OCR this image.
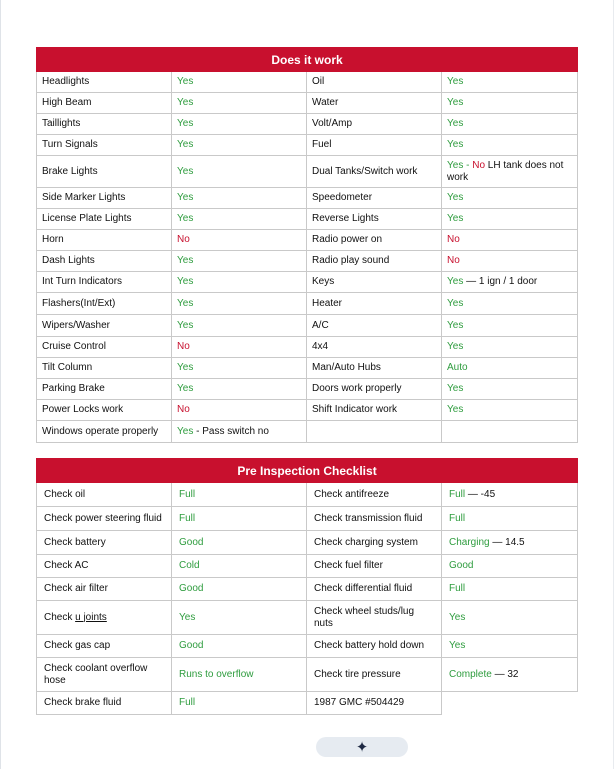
Does it work			
Headlights	Yes	Oil	Yes
High Beam	Yes	Water	Yes
Taillights	Yes	Volt/Amp	Yes
Turn Signals	Yes	Fuel	Yes
Brake Lights	Yes	Dual Tanks/Switch work	Yes - No LH tank does not work
Side Marker Lights	Yes	Speedometer	Yes
License Plate Lights	Yes	Reverse Lights	Yes
Horn	No	Radio power on	No
Dash Lights	Yes	Radio play sound	No
Int Turn Indicators	Yes	Keys	Yes — 1 ign / 1 door
Flashers(Int/Ext)	Yes	Heater	Yes
Wipers/Washer	Yes	A/C	Yes
Cruise Control	No	4x4	Yes
Tilt Column	Yes	Man/Auto Hubs	Auto
Parking Brake	Yes	Doors work properly	Yes
Power Locks work	No	Shift Indicator work	Yes
Windows operate properly	Yes - Pass switch no		
Pre Inspection Checklist			
Check oil	Full	Check antifreeze	Full — -45
Check power steering fluid	Full	Check transmission fluid	Full
Check battery	Good	Check charging system	Charging — 14.5
Check AC	Cold	Check fuel filter	Good
Check air filter	Good	Check differential fluid	Full
Check u joints	Yes	Check wheel studs/lug nuts	Yes
Check gas cap	Good	Check battery hold down	Yes
Check coolant overflow hose	Runs to overflow	Check tire pressure	Complete — 32
Check brake fluid	Full	1987 GMC #504429	
✦
